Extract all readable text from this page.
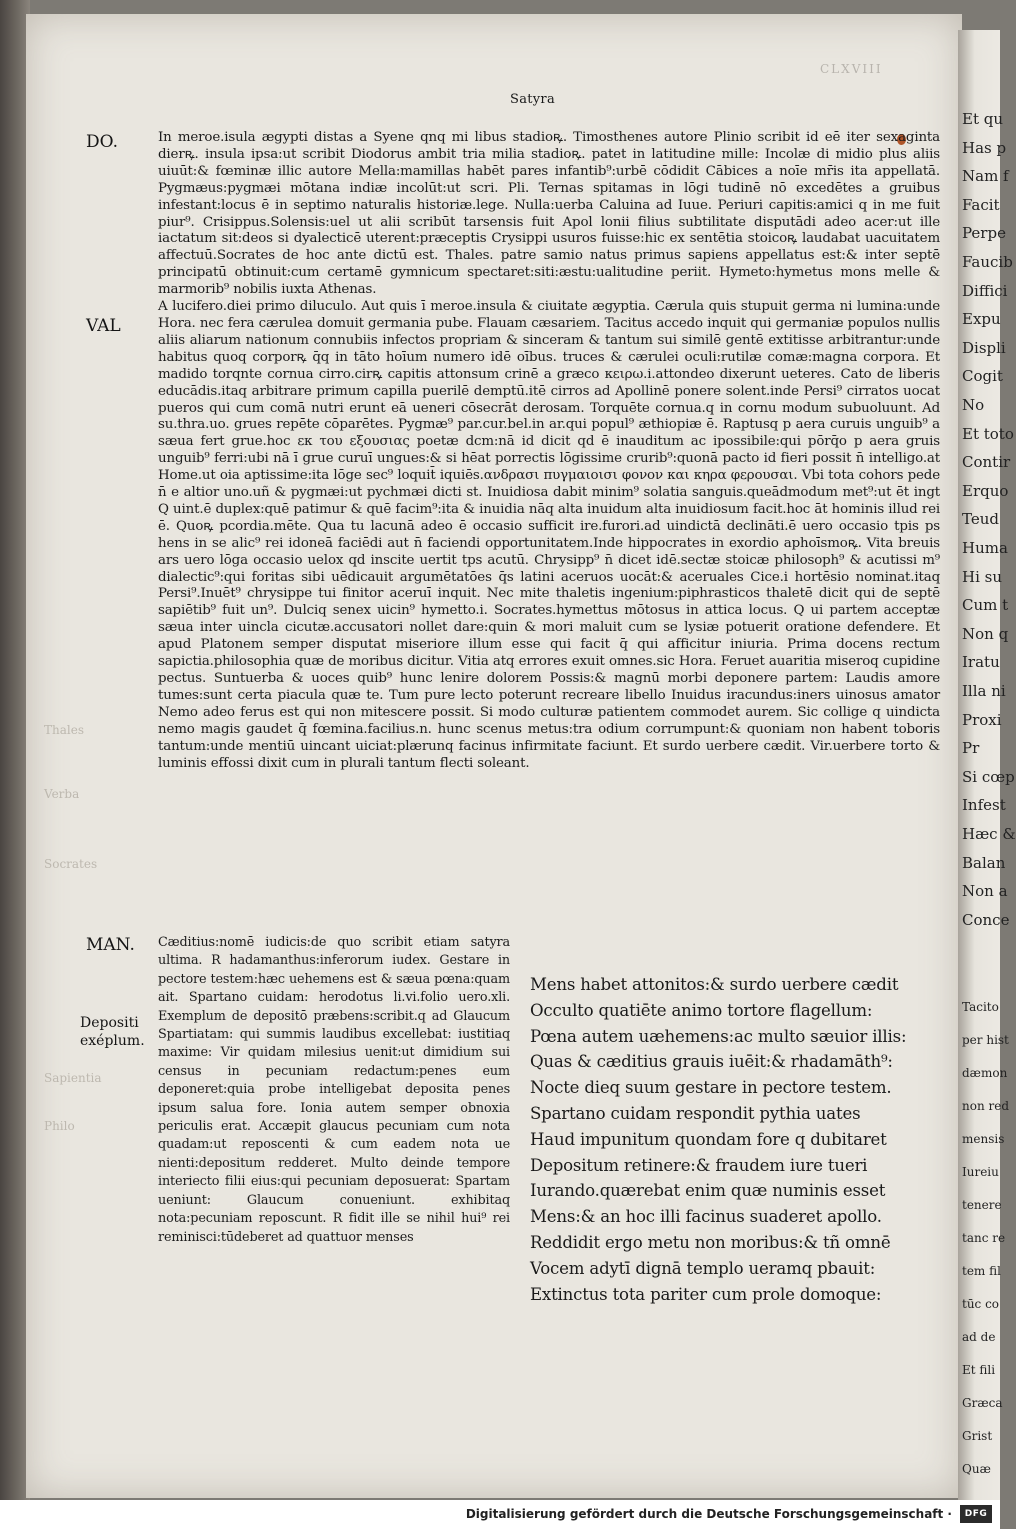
Et qu
Has p
Nam f
Facit
Perpe
Faucib
Diffici
Expu
Displi
Cogit
No
Et toto
Contir
Erquo
Teud
Huma
Hi su
Cum t
Non q
Iratu
Illa ni
Proxi
Pr
Si cœp
Infest
Hæc &
Balan
Non a
Conce
Tacito
per hist
dæmon
non red
mensis
Iureiu
tenere
tanc re
tem fil
tūc co
ad de
Et fili
Græca
Grist
Quæ
CLXVIII
Satyra
DO.
VAL
MAN.
Depositi
exéplum.
Thales
Verba
Socrates
Sapientia
Philo
In meroe.isula ægypti distas a Syene qnq mi libus stadioꝶ. Timosthenes autore Plinio scribit id eē iter sexaginta dierꝶ. insula ipsa:ut scribit Diodorus ambit tria milia stadioꝶ. patet in latitudine mille: Incolæ di midio plus aliis uiuūt:& fœminæ illic autore Mella:mamillas habēt pares infantib⁹:urbē cōdidit Cābices a noīe mr̄is ita appellatā. Pygmæus:pygmæi mōtana indiæ incolūt:ut scri. Pli. Ternas spitamas in lōgi tudinē nō excedētes a gruibus infestant:locus ē in septimo naturalis historiæ.lege. Nulla:uerba Caluina ad Iuue. Periuri capitis:amici q in me fuit piur⁹. Crisippus.Solensis:uel ut alii scribūt tarsensis fuit Apol lonii filius subtilitate disputādi adeo acer:ut ille iactatum sit:deos si dyalecticē uterent:præceptis Crysippi usuros fuisse:hic ex sentētia stoicoꝶ laudabat uacuitatem affectuū.Socrates de hoc ante dictū est. Thales. patre samio natus primus sapiens appellatus est:& inter septē principatū obtinuit:cum certamē gymnicum spectaret:siti:æstu:ualitudine periit. Hymeto:hymetus mons melle & marmorib⁹ nobilis iuxta Athenas.
A lucifero.diei primo diluculo. Aut quis ī meroe.insula & ciuitate ægyptia. Cærula quis stupuit germa ni lumina:unde Hora. nec fera cærulea domuit germania pube. Flauam cæsariem. Tacitus accedo inquit qui germaniæ populos nullis aliis aliarum nationum connubiis infectos propriam & sinceram & tantum sui similē gentē extitisse arbitrantur:unde habitus quoq corporꝶ q̄q in tāto hoīum numero idē oībus. truces & cærulei oculi:rutilæ comæ:magna corpora. Et madido torqnte cornua cirro.cirꝶ capitis attonsum crinē a græco κειρω.i.attondeo dixerunt ueteres. Cato de liberis educādis.itaq arbitrare primum capilla puerilē demptū.itē cirros ad Apollinē ponere solent.inde Persi⁹ cirratos uocat pueros qui cum comā nutri erunt eā ueneri cōsecrāt derosam. Torquēte cornua.q in cornu modum subuoluunt. Ad su.thra.uo. grues repēte cōparētes. Pygmæ⁹ par.cur.bel.in ar.qui popul⁹ æthiopiæ ē. Raptusq p aera curuis unguib⁹ a sæua fert grue.hoc εκ του εξουσιας poetæ dcm:nā id dicit qd ē inauditum ac ipossibile:qui pōrq̄o p aera gruis unguib⁹ ferri:ubi nā ī grue curuī ungues:& si hēat porrectis lōgissime crurib⁹:quonā pacto id fieri possit n̄ intelligo.at Home.ut oia aptissime:ita lōge sec⁹ loquit̄ iquiēs.ανδρασι πυγμαιοισι φονον και κηρα φερουσαι. Vbi tota cohors pede n̄ e altior uno.uñ & pygmæi:ut pychmæi dicti st. Inuidiosa dabit minim⁹ solatia sanguis.queādmodum met⁹:ut ēt ingt Q uint.ē duplex:quē patimur & quē facim⁹:ita & inuidia nāq alta inuidum alta inuidiosum facit.hoc āt hominis illud rei ē. Quoꝶ pcordia.mēte. Qua tu lacunā adeo ē occasio sufficit ire.furori.ad uindictā declināti.ē uero occasio tpis ps hens in se alic⁹ rei idoneā faciēdi aut n̄ faciendi opportunitatem.Inde hippocrates in exordio aphoīsmoꝶ. Vita breuis ars uero lōga occasio uelox qd inscite uertit tps acutū. Chrysipp⁹ n̄ dicet idē.sectæ stoicæ philosoph⁹ & acutissi m⁹ dialectic⁹:qui foritas sibi uēdicauit argumētatōes q̄s latini aceruos uocāt:& aceruales Cice.i hortēsio nominat.itaq Persi⁹.Inuēt⁹ chrysippe tui finitor aceruī inquit. Nec mite thaletis ingenium:piphrasticos thaletē dicit qui de septē sapiētib⁹ fuit un⁹. Dulciq senex uicin⁹ hymetto.i. Socrates.hymettus mōtosus in attica locus. Q ui partem acceptæ sæua inter uincla cicutæ.accusatori nollet dare:quin & mori maluit cum se lysiæ potuerit oratione defendere. Et apud Platonem semper disputat miseriore illum esse qui facit q̄ qui afficitur iniuria. Prima docens rectum sapictia.philosophia quæ de moribus dicitur. Vitia atq errores exuit omnes.sic Hora. Feruet auaritia miseroq cupidine pectus. Suntuerba & uoces quib⁹ hunc lenire dolorem Possis:& magnū morbi deponere partem: Laudis amore tumes:sunt certa piacula quæ te. Tum pure lecto poterunt recreare libello Inuidus iracundus:iners uinosus amator Nemo adeo ferus est qui non mitescere possit. Si modo culturæ patientem commodet aurem. Sic collige q uindicta nemo magis gaudet q̄ fœmina.facilius.n. hunc scenus metus:tra odium corrumpunt:& quoniam non habent toboris tantum:unde mentiū uincant uiciat:plærunq facinus infirmitate faciunt. Et surdo uerbere cædit. Vir.uerbere torto & luminis effossi dixit cum in plurali tantum flecti soleant.
Cæditius:nomē iudicis:de quo scribit etiam satyra ultima. R hadamanthus:inferorum iudex. Gestare in pectore testem:hæc uehemens est & sæua pœna:quam ait. Spartano cuidam: herodotus li.vi.folio uero.xli. Exemplum de depositō præbens:scribit.q ad Glaucum Spartiatam: qui summis laudibus excellebat: iustitiaq maxime: Vir quidam milesius uenit:ut dimidium sui census in pecuniam redactum:penes eum deponeret:quia probe intelligebat deposita penes ipsum salua fore. Ionia autem semper obnoxia periculis erat. Accæpit glaucus pecuniam cum nota quadam:ut reposcenti & cum eadem nota ue nienti:depositum redderet. Multo deinde tempore interiecto filii eius:qui pecuniam deposuerat: Spartam ueniunt: Glaucum conueniunt. exhibitaq nota:pecuniam reposcunt. R fidit ille se nihil hui⁹ rei reminisci:tūdeberet ad quattuor menses
Mens habet attonitos:& surdo uerbere cædit
Occulto quatiēte animo tortore flagellum:
Pœna autem uæhemens:ac multo sæuior illis:
Quas & cæditius grauis iuēit:& rhadamāth⁹:
Nocte dieq suum gestare in pectore testem.
Spartano cuidam respondit pythia uates
Haud impunitum quondam fore q dubitaret
Depositum retinere:& fraudem iure tueri
Iurando.quærebat enim quæ numinis esset
Mens:& an hoc illi facinus suaderet apollo.
Reddidit ergo metu non moribus:& tñ omnē
Vocem adytī dignā templo ueramq pbauit:
Extinctus tota pariter cum prole domoque:
Digitalisierung gefördert durch die Deutsche Forschungsgemeinschaft ·	DFG
